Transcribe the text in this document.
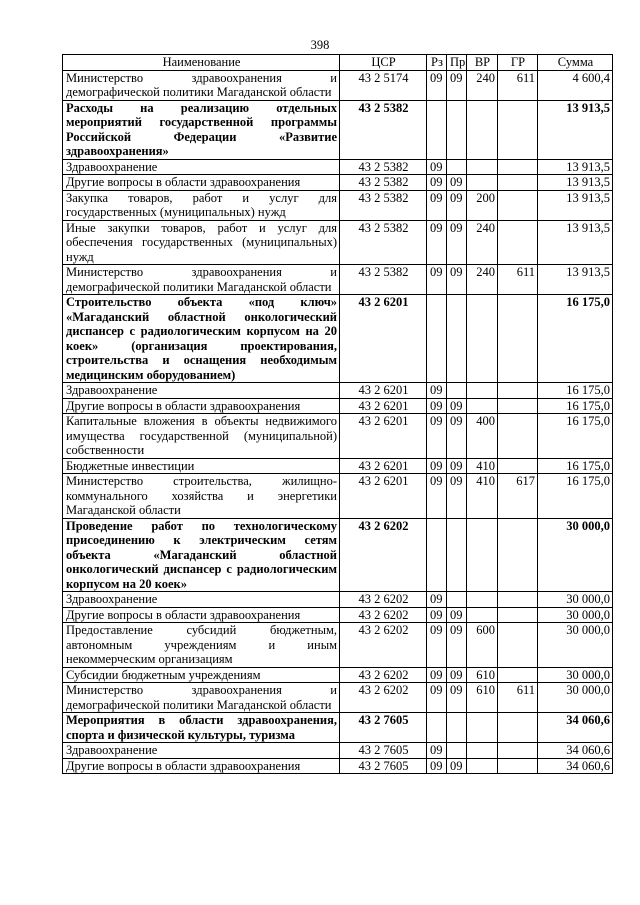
398
Наименование	ЦСР	Рз	Пр	ВР	ГР	Сумма
Министерство здравоохранения и демографической политики Магаданской области	43 2 5174	09	09	240	611	4 600,4
Расходы на реализацию отдельных мероприятий государственной программы Российской Федерации «Развитие здравоохранения»	43 2 5382					13 913,5
Здравоохранение	43 2 5382	09				13 913,5
Другие вопросы в области здравоохранения	43 2 5382	09	09			13 913,5
Закупка товаров, работ и услуг для государственных (муниципальных) нужд	43 2 5382	09	09	200		13 913,5
Иные закупки товаров, работ и услуг для обеспечения государственных (муниципальных) нужд	43 2 5382	09	09	240		13 913,5
Министерство здравоохранения и демографической политики Магаданской области	43 2 5382	09	09	240	611	13 913,5
Строительство объекта «под ключ» «Магаданский областной онкологический диспансер с радиологическим корпусом на 20 коек» (организация проектирования, строительства и оснащения необходимым медицинским оборудованием)	43 2 6201					16 175,0
Здравоохранение	43 2 6201	09				16 175,0
Другие вопросы в области здравоохранения	43 2 6201	09	09			16 175,0
Капитальные вложения в объекты недвижимого имущества государственной (муниципальной) собственности	43 2 6201	09	09	400		16 175,0
Бюджетные инвестиции	43 2 6201	09	09	410		16 175,0
Министерство строительства, жилищно-коммунального хозяйства и энергетики Магаданской области	43 2 6201	09	09	410	617	16 175,0
Проведение работ по технологическому присоединению к электрическим сетям объекта «Магаданский областной онкологический диспансер с радиологическим корпусом на 20 коек»	43 2 6202					30 000,0
Здравоохранение	43 2 6202	09				30 000,0
Другие вопросы в области здравоохранения	43 2 6202	09	09			30 000,0
Предоставление субсидий бюджетным, автономным учреждениям и иным некоммерческим организациям	43 2 6202	09	09	600		30 000,0
Субсидии бюджетным учреждениям	43 2 6202	09	09	610		30 000,0
Министерство здравоохранения и демографической политики Магаданской области	43 2 6202	09	09	610	611	30 000,0
Мероприятия в области здравоохранения, спорта и физической культуры, туризма	43 2 7605					34 060,6
Здравоохранение	43 2 7605	09				34 060,6
Другие вопросы в области здравоохранения	43 2 7605	09	09			34 060,6
